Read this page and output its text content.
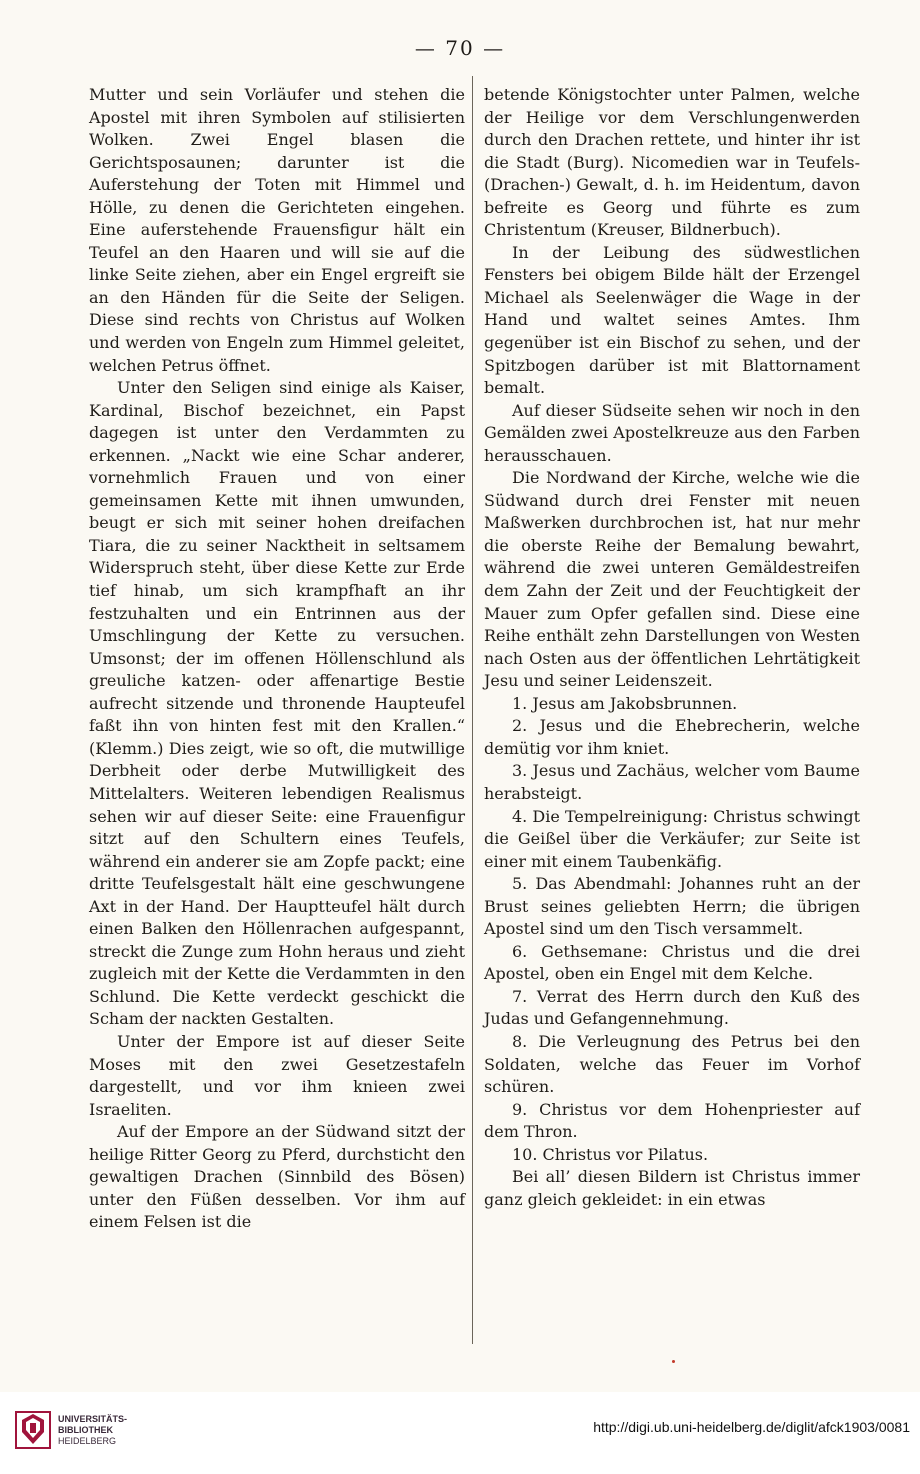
— 70 —

Mutter und sein Vorläufer und stehen die Apostel mit ihren Symbolen auf stilisierten Wolken. Zwei Engel blasen die Gerichtsposaunen; darunter ist die Auferstehung der Toten mit Himmel und Hölle, zu denen die Gerichteten eingehen. Eine auferstehende Frauensfigur hält ein Teufel an den Haaren und will sie auf die linke Seite ziehen, aber ein Engel ergreift sie an den Händen für die Seite der Seligen. Diese sind rechts von Christus auf Wolken und werden von Engeln zum Himmel geleitet, welchen Petrus öffnet.

Unter den Seligen sind einige als Kaiser, Kardinal, Bischof bezeichnet, ein Papst dagegen ist unter den Verdammten zu erkennen. „Nackt wie eine Schar anderer, vornehmlich Frauen und von einer gemeinsamen Kette mit ihnen umwunden, beugt er sich mit seiner hohen dreifachen Tiara, die zu seiner Nacktheit in seltsamem Widerspruch steht, über diese Kette zur Erde tief hinab, um sich krampfhaft an ihr festzuhalten und ein Entrinnen aus der Umschlingung der Kette zu versuchen. Umsonst; der im offenen Höllenschlund als greuliche katzen- oder affenartige Bestie aufrecht sitzende und thronende Haupteufel faßt ihn von hinten fest mit den Krallen.“ (Klemm.) Dies zeigt, wie so oft, die mutwillige Derbheit oder derbe Mutwilligkeit des Mittelalters. Weiteren lebendigen Realismus sehen wir auf dieser Seite: eine Frauenfigur sitzt auf den Schultern eines Teufels, während ein anderer sie am Zopfe packt; eine dritte Teufelsgestalt hält eine geschwungene Axt in der Hand. Der Hauptteufel hält durch einen Balken den Höllenrachen aufgespannt, streckt die Zunge zum Hohn heraus und zieht zugleich mit der Kette die Verdammten in den Schlund. Die Kette verdeckt geschickt die Scham der nackten Gestalten.

Unter der Empore ist auf dieser Seite Moses mit den zwei Gesetzestafeln dargestellt, und vor ihm knieen zwei Israeliten.

Auf der Empore an der Südwand sitzt der heilige Ritter Georg zu Pferd, durchsticht den gewaltigen Drachen (Sinnbild des Bösen) unter den Füßen desselben. Vor ihm auf einem Felsen ist die

betende Königstochter unter Palmen, welche der Heilige vor dem Verschlungenwerden durch den Drachen rettete, und hinter ihr ist die Stadt (Burg). Nicomedien war in Teufels- (Drachen-) Gewalt, d. h. im Heidentum, davon befreite es Georg und führte es zum Christentum (Kreuser, Bildnerbuch).

In der Leibung des südwestlichen Fensters bei obigem Bilde hält der Erzengel Michael als Seelenwäger die Wage in der Hand und waltet seines Amtes. Ihm gegenüber ist ein Bischof zu sehen, und der Spitzbogen darüber ist mit Blattornament bemalt.

Auf dieser Südseite sehen wir noch in den Gemälden zwei Apostelkreuze aus den Farben herausschauen.

Die Nordwand der Kirche, welche wie die Südwand durch drei Fenster mit neuen Maßwerken durchbrochen ist, hat nur mehr die oberste Reihe der Bemalung bewahrt, während die zwei unteren Gemäldestreifen dem Zahn der Zeit und der Feuchtigkeit der Mauer zum Opfer gefallen sind. Diese eine Reihe enthält zehn Darstellungen von Westen nach Osten aus der öffentlichen Lehrtätigkeit Jesu und seiner Leidenszeit.

1. Jesus am Jakobsbrunnen.

2. Jesus und die Ehebrecherin, welche demütig vor ihm kniet.

3. Jesus und Zachäus, welcher vom Baume herabsteigt.

4. Die Tempelreinigung: Christus schwingt die Geißel über die Verkäufer; zur Seite ist einer mit einem Taubenkäfig.

5. Das Abendmahl: Johannes ruht an der Brust seines geliebten Herrn; die übrigen Apostel sind um den Tisch versammelt.

6. Gethsemane: Christus und die drei Apostel, oben ein Engel mit dem Kelche.

7. Verrat des Herrn durch den Kuß des Judas und Gefangennehmung.

8. Die Verleugnung des Petrus bei den Soldaten, welche das Feuer im Vorhof schüren.

9. Christus vor dem Hohenpriester auf dem Thron.

10. Christus vor Pilatus.

Bei all’ diesen Bildern ist Christus immer ganz gleich gekleidet: in ein etwas

UNIVERSITÄTS-
BIBLIOTHEK
HEIDELBERG
http://digi.ub.uni-heidelberg.de/diglit/afck1903/0081
